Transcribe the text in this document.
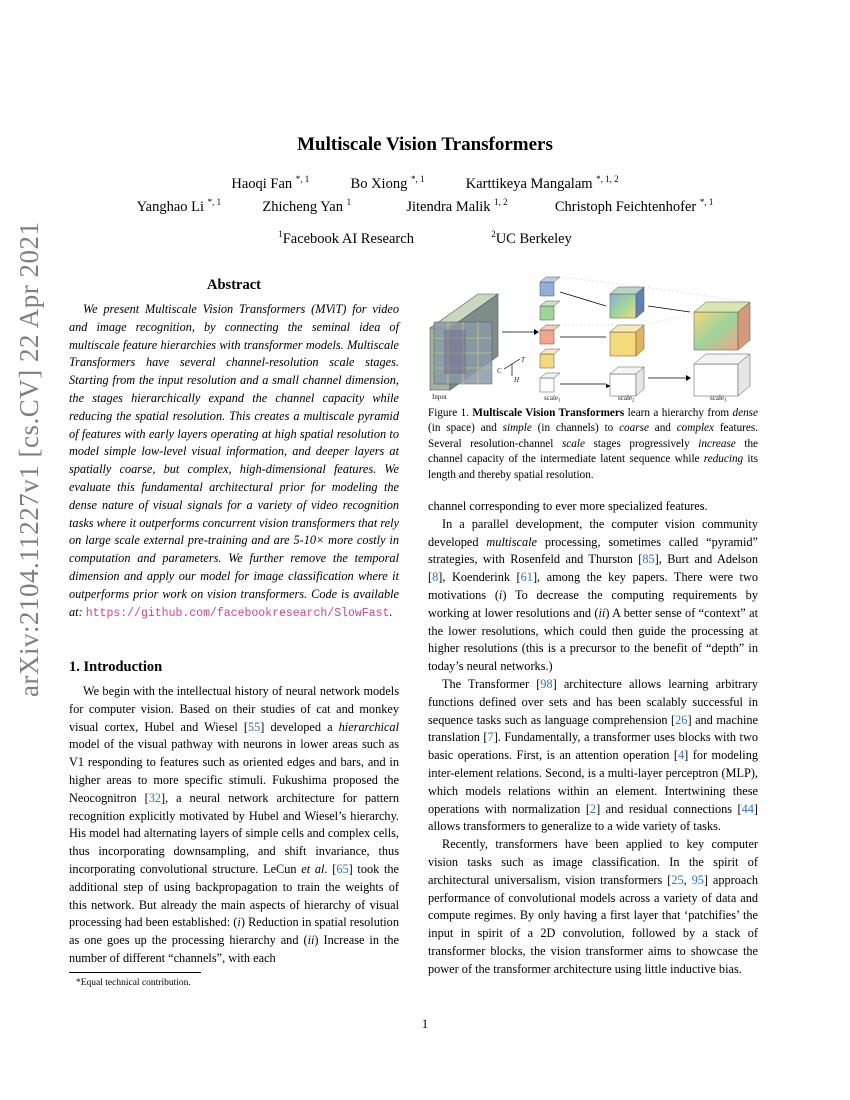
Multiscale Vision Transformers
Haoqi Fan $^{*, 1}$	Bo Xiong $^{*, 1}$	Karttikeya Mangalam $^{*, 1, 2}$
Yanghao Li $^{*, 1}$	Zhicheng Yan $^1$	Jitendra Malik $^{1, 2}$	Christoph Feichtenhofer $^{*, 1}$
$^1$Facebook AI Research	$^2$UC Berkeley
arXiv:2104.11227v1 [cs.CV] 22 Apr 2021	Abstract

We present Multiscale Vision Transformers (MViT) for video and image recognition, by connecting the seminal idea of multiscale feature hierarchies with transformer models. Multiscale Transformers have several channel-resolution scale stages. Starting from the input resolution and a small channel dimension, the stages hierarchically expand the channel capacity while reducing the spatial resolution. This creates a multiscale pyramid of features with early layers operating at high spatial resolution to model simple low-level visual information, and deeper layers at spatially coarse, but complex, high-dimensional features. We evaluate this fundamental architectural prior for modeling the dense nature of visual signals for a variety of video recognition tasks where it outperforms concurrent vision transformers that rely on large scale external pre-training and are 5-10× more costly in computation and parameters. We further remove the temporal dimension and apply our model for image classification where it outperforms prior work on vision transformers. Code is available at: https://github.com/facebookresearch/SlowFast.

1. Introduction

We begin with the intellectual history of neural network models for computer vision. Based on their studies of cat and monkey visual cortex, Hubel and Wiesel [55] developed a hierarchical model of the visual pathway with neurons in lower areas such as V1 responding to features such as oriented edges and bars, and in higher areas to more specific stimuli. Fukushima proposed the Neocognitron [32], a neural network architecture for pattern recognition explicitly motivated by Hubel and Wiesel’s hierarchy. His model had alternating layers of simple cells and complex cells, thus incorporating downsampling, and shift invariance, thus incorporating convolutional structure. LeCun et al. [65] took the additional step of using backpropagation to train the weights of this network. But already the main aspects of hierarchy of visual processing had been established: (i) Reduction in spatial resolution as one goes up the processing hierarchy and (ii) Increase in the number of different “channels”, with each

*Equal technical contribution.
Input
T
H
C
scale$_1$	scale$_2$	scale$_3$
Figure 1. Multiscale Vision Transformers learn a hierarchy from dense (in space) and simple (in channels) to coarse and complex features. Several resolution-channel scale stages progressively increase the channel capacity of the intermediate latent sequence while reducing its length and thereby spatial resolution.

channel corresponding to ever more specialized features.

In a parallel development, the computer vision community developed multiscale processing, sometimes called “pyramid” strategies, with Rosenfeld and Thurston [85], Burt and Adelson [8], Koenderink [61], among the key papers. There were two motivations (i) To decrease the computing requirements by working at lower resolutions and (ii) A better sense of “context” at the lower resolutions, which could then guide the processing at higher resolutions (this is a precursor to the benefit of “depth” in today’s neural networks.)

The Transformer [98] architecture allows learning arbitrary functions defined over sets and has been scalably successful in sequence tasks such as language comprehension [26] and machine translation [7]. Fundamentally, a transformer uses blocks with two basic operations. First, is an attention operation [4] for modeling inter-element relations. Second, is a multi-layer perceptron (MLP), which models relations within an element. Intertwining these operations with normalization [2] and residual connections [44] allows transformers to generalize to a wide variety of tasks.

Recently, transformers have been applied to key computer vision tasks such as image classification. In the spirit of architectural universalism, vision transformers [25, 95] approach performance of convolutional models across a variety of data and compute regimes. By only having a first layer that ‘patchifies’ the input in spirit of a 2D convolution, followed by a stack of transformer blocks, the vision transformer aims to showcase the power of the transformer architecture using little inductive bias.

1
